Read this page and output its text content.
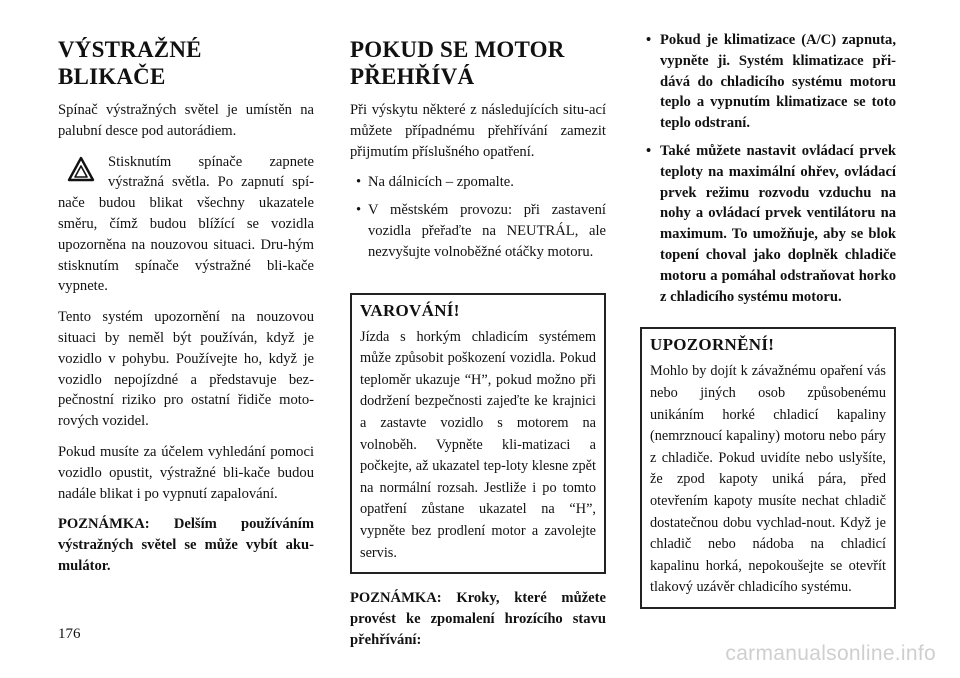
VÝSTRAŽNÉ BLIKAČE

Spínač výstražných světel je umístěn na palubní desce pod autorádiem.

Stisknutím spínače zapnete výstražná světla. Po zapnutí spí-nače budou blikat všechny ukazatele směru, čímž budou blížící se vozidla upozorněna na nouzovou situaci. Dru-hým stisknutím spínače výstražné bli-kače vypnete.

Tento systém upozornění na nouzovou situaci by neměl být používán, když je vozidlo v pohybu. Používejte ho, když je vozidlo nepojízdné a představuje bez-pečnostní riziko pro ostatní řidiče moto-rových vozidel.

Pokud musíte za účelem vyhledání pomoci vozidlo opustit, výstražné bli-kače budou nadále blikat i po vypnutí zapalování.

POZNÁMKA: Delším používáním výstražných světel se může vybít aku-mulátor.

POKUD SE MOTOR PŘEHŘÍVÁ

Při výskytu některé z následujících situ-ací můžete případnému přehřívání zamezit přijmutím příslušného opatření.

• Na dálnicích – zpomalte.
• V městském provozu: při zastavení vozidla přeřaďte na NEUTRÁL, ale nezvyšujte volnoběžné otáčky motoru.
VAROVÁNÍ!

Jízda s horkým chladicím systémem může způsobit poškození vozidla. Pokud teploměr ukazuje “H”, pokud možno při dodržení bezpečnosti zajeďte ke krajnici a zastavte vozidlo s motorem na volnoběh. Vypněte kli-matizaci a počkejte, až ukazatel tep-loty klesne zpět na normální rozsah. Jestliže i po tomto opatření zůstane ukazatel na “H”, vypněte bez prodlení motor a zavolejte servis.

POZNÁMKA: Kroky, které můžete provést ke zpomalení hrozícího stavu přehřívání:

• Pokud je klimatizace (A/C) zapnuta, vypněte ji. Systém klimatizace při-dává do chladicího systému motoru teplo a vypnutím klimatizace se toto teplo odstraní.
• Také můžete nastavit ovládací prvek teploty na maximální ohřev, ovládací prvek režimu rozvodu vzduchu na nohy a ovládací prvek ventilátoru na maximum. To umožňuje, aby se blok topení choval jako doplněk chladiče motoru a pomáhal odstraňovat horko z chladicího systému motoru.
UPOZORNĚNÍ!

Mohlo by dojít k závažnému opaření vás nebo jiných osob způsobenému unikáním horké chladicí kapaliny (nemrznoucí kapaliny) motoru nebo páry z chladiče. Pokud uvidíte nebo uslyšíte, že zpod kapoty uniká pára, před otevřením kapoty musíte nechat chladič dostatečnou dobu vychlad-nout. Když je chladič nebo nádoba na chladicí kapalinu horká, nepokoušejte se otevřít tlakový uzávěr chladicího systému.

176
carmanualsonline.info
